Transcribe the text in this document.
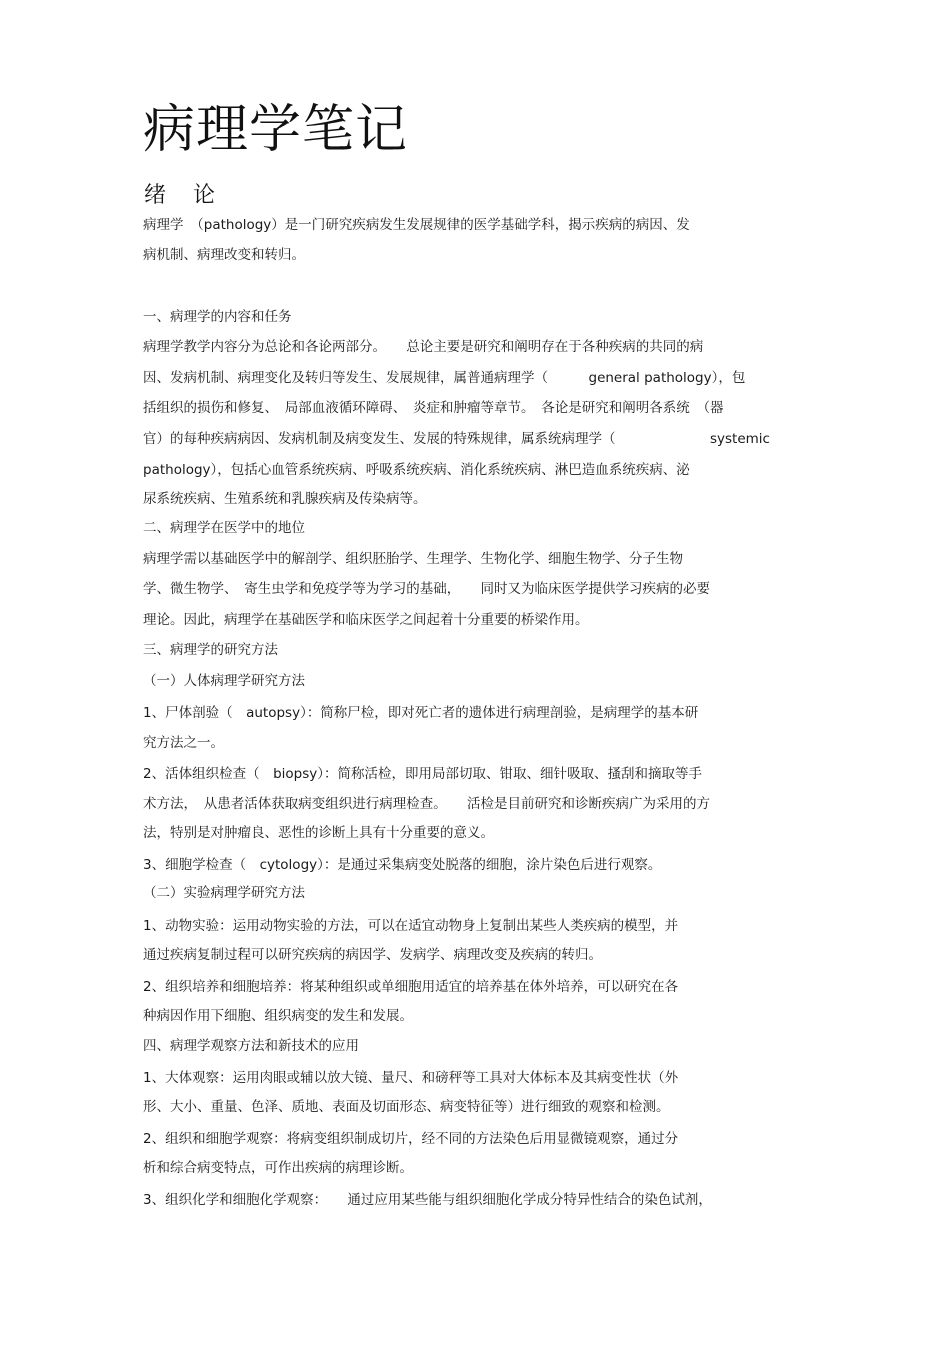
病理学笔记
绪 论
病理学　（pathology）是一门研究疾病发生发展规律的医学基础学科，揭示疾病的病因、发
病机制、病理改变和转归。
一、病理学的内容和任务
病理学教学内容分为总论和各论两部分。　　总论主要是研究和阐明存在于各种疾病的共同的病
因、发病机制、病理变化及转归等发生、发展规律，属普通病理学（　　　general pathology），包
括组织的损伤和修复、　局部血液循环障碍、　炎症和肿瘤等章节。　各论是研究和阐明各系统　（器
官）的每种疾病病因、发病机制及病变发生、发展的特殊规律，属系统病理学（　　　　　　　systemic
pathology），包括心血管系统疾病、呼吸系统疾病、消化系统疾病、淋巴造血系统疾病、泌
尿系统疾病、生殖系统和乳腺疾病及传染病等。
二、病理学在医学中的地位
病理学需以基础医学中的解剖学、组织胚胎学、生理学、生物化学、细胞生物学、分子生物
学、微生物学、　寄生虫学和免疫学等为学习的基础，　　同时又为临床医学提供学习疾病的必要
理论。因此，病理学在基础医学和临床医学之间起着十分重要的桥梁作用。
三、病理学的研究方法
（一）人体病理学研究方法
1、尸体剖验（　autopsy）：简称尸检，即对死亡者的遗体进行病理剖验，是病理学的基本研
究方法之一。
2、活体组织检查（　biopsy）：简称活检，即用局部切取、钳取、细针吸取、搔刮和摘取等手
术方法，　从患者活体获取病变组织进行病理检查。　　活检是目前研究和诊断疾病广为采用的方
法，特别是对肿瘤良、恶性的诊断上具有十分重要的意义。
3、细胞学检查（　cytology）：是通过采集病变处脱落的细胞，涂片染色后进行观察。
（二）实验病理学研究方法
1、动物实验：运用动物实验的方法，可以在适宜动物身上复制出某些人类疾病的模型，并
通过疾病复制过程可以研究疾病的病因学、发病学、病理改变及疾病的转归。
2、组织培养和细胞培养：将某种组织或单细胞用适宜的培养基在体外培养，可以研究在各
种病因作用下细胞、组织病变的发生和发展。
四、病理学观察方法和新技术的应用
1、大体观察：运用肉眼或辅以放大镜、量尺、和磅秤等工具对大体标本及其病变性状（外
形、大小、重量、色泽、质地、表面及切面形态、病变特征等）进行细致的观察和检测。
2、组织和细胞学观察：将病变组织制成切片，经不同的方法染色后用显微镜观察，通过分
析和综合病变特点，可作出疾病的病理诊断。
3、组织化学和细胞化学观察：　　通过应用某些能与组织细胞化学成分特异性结合的染色试剂，
